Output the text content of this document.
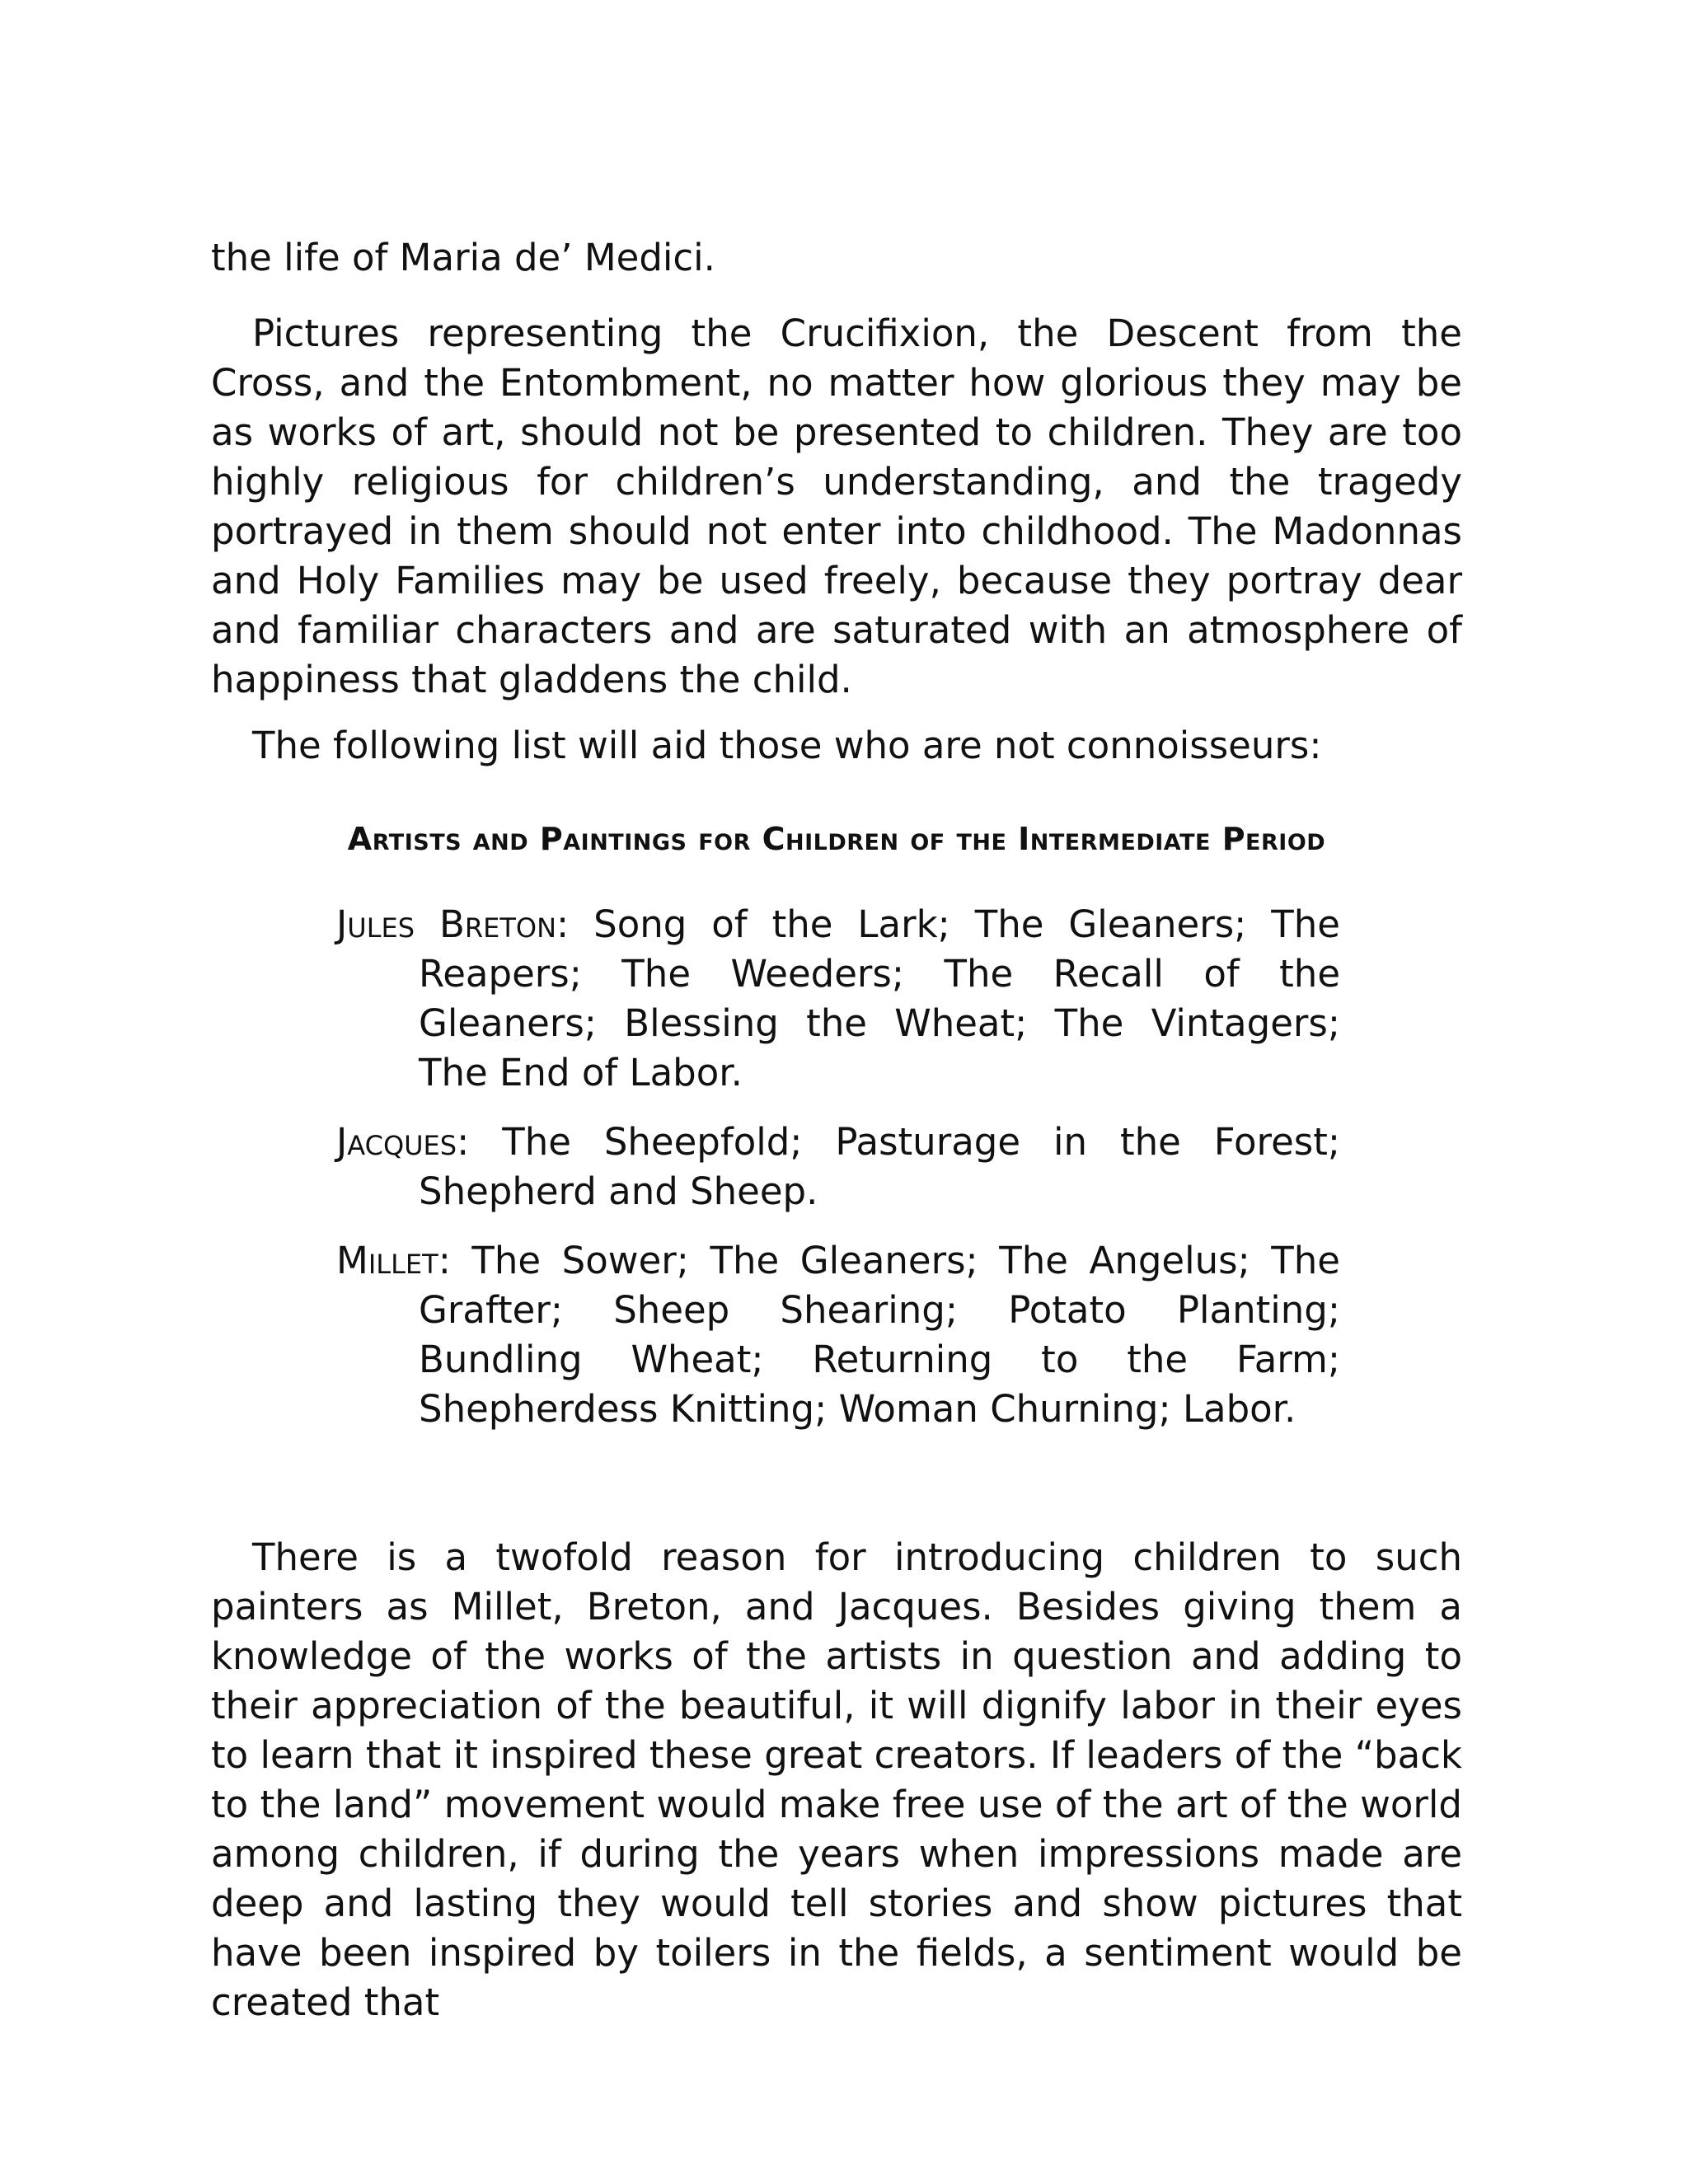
the life of Maria de’ Medici.

Pictures representing the Crucifixion, the Descent from the Cross, and the Entombment, no matter how glorious they may be as works of art, should not be presented to children. They are too highly religious for children’s understanding, and the tragedy portrayed in them should not enter into childhood. The Madonnas and Holy Families may be used freely, because they portray dear and familiar characters and are saturated with an atmosphere of happiness that gladdens the child.

The following list will aid those who are not connoisseurs:

Artists and Paintings for Children of the Intermediate Period

Jules Breton: Song of the Lark; The Gleaners; The Reapers; The Weeders; The Recall of the Gleaners; Blessing the Wheat; The Vintagers; The End of Labor.

Jacques: The Sheepfold; Pasturage in the Forest; Shepherd and Sheep.

Millet: The Sower; The Gleaners; The Angelus; The Grafter; Sheep Shearing; Potato Planting; Bundling Wheat; Returning to the Farm; Shepherdess Knitting; Woman Churning; Labor.

There is a twofold reason for introducing children to such painters as Millet, Breton, and Jacques. Besides giving them a knowledge of the works of the artists in question and adding to their appreciation of the beautiful, it will dignify labor in their eyes to learn that it inspired these great creators. If leaders of the “back to the land” movement would make free use of the art of the world among children, if during the years when impressions made are deep and lasting they would tell stories and show pictures that have been inspired by toilers in the fields, a sentiment would be created that
